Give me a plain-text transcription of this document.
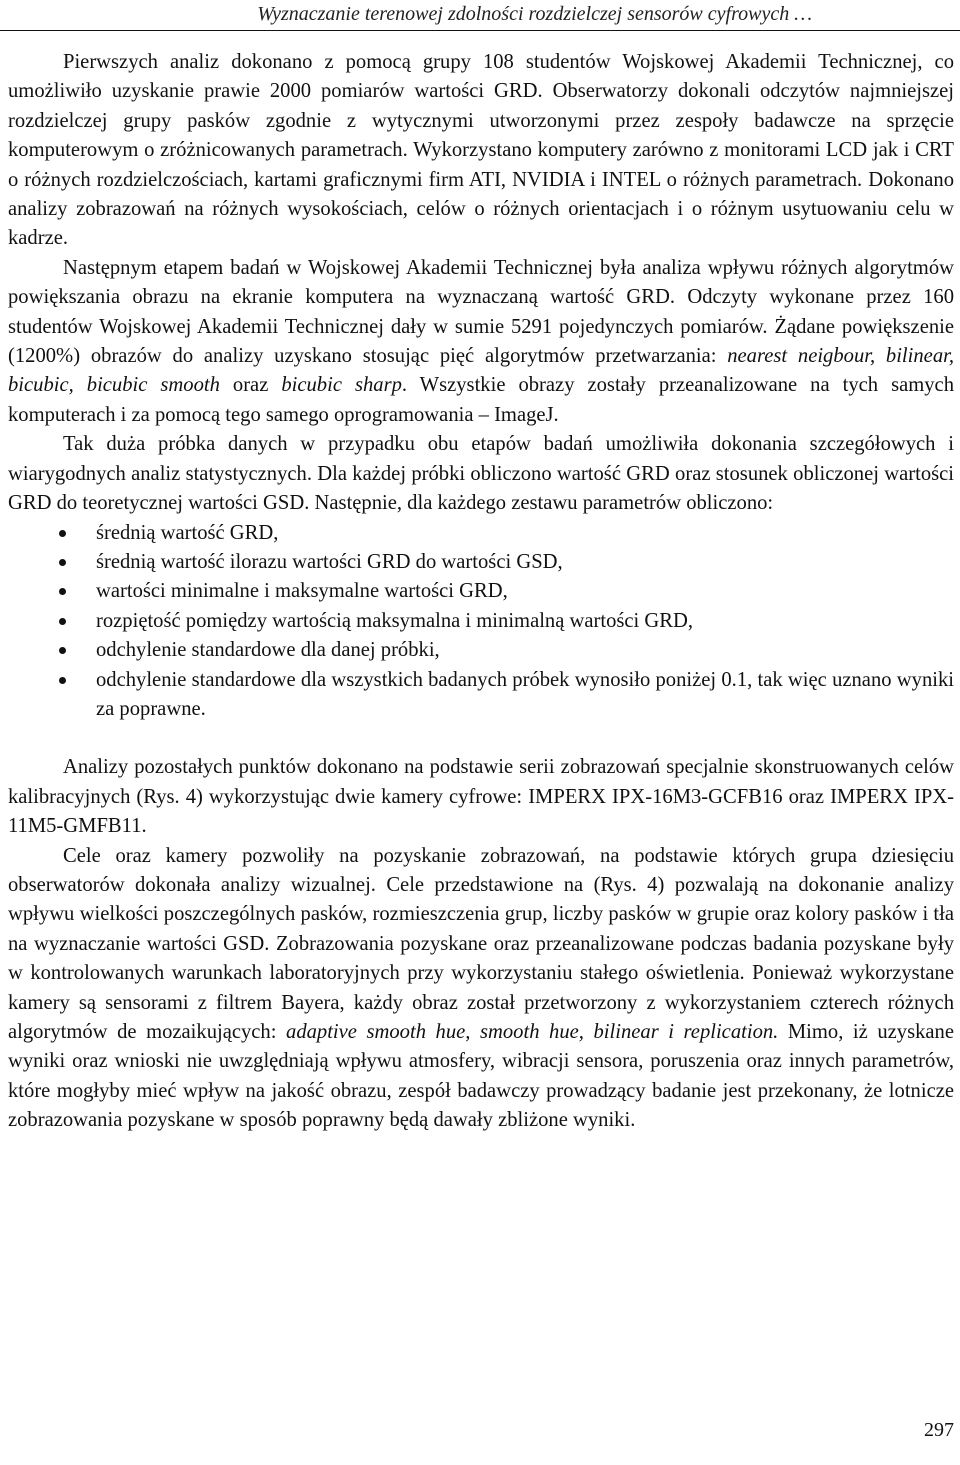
Wyznaczanie terenowej zdolności rozdzielczej sensorów cyfrowych …

Pierwszych analiz dokonano z pomocą grupy 108 studentów Wojskowej Akademii Technicznej, co umożliwiło uzyskanie prawie 2000 pomiarów wartości GRD. Obserwatorzy dokonali odczytów najmniejszej rozdzielczej grupy pasków zgodnie z wytycznymi utworzonymi przez zespoły badawcze na sprzęcie komputerowym o zróżnicowanych parametrach. Wykorzystano komputery zarówno z monitorami LCD jak i CRT o różnych rozdzielczościach, kartami graficznymi firm ATI, NVIDIA i INTEL o różnych parametrach. Dokonano analizy zobrazowań na różnych wysokościach, celów o różnych orientacjach i o różnym usytuowaniu celu w kadrze.

Następnym etapem badań w Wojskowej Akademii Technicznej była analiza wpływu różnych algorytmów powiększania obrazu na ekranie komputera na wyznaczaną wartość GRD. Odczyty wykonane przez 160 studentów Wojskowej Akademii Technicznej dały w sumie 5291 pojedynczych pomiarów. Żądane powiększenie (1200%) obrazów do analizy uzyskano stosując pięć algorytmów przetwarzania: nearest neigbour, bilinear, bicubic, bicubic smooth oraz bicubic sharp. Wszystkie obrazy zostały przeanalizowane na tych samych komputerach i za pomocą tego samego oprogramowania – ImageJ.

Tak duża próbka danych w przypadku obu etapów badań umożliwiła dokonania szczegółowych i wiarygodnych analiz statystycznych. Dla każdej próbki obliczono wartość GRD oraz stosunek obliczonej wartości GRD do teoretycznej wartości GSD. Następnie, dla każdego zestawu parametrów obliczono:

średnią wartość GRD,
średnią wartość ilorazu wartości GRD do wartości GSD,
wartości minimalne i maksymalne wartości GRD,
rozpiętość pomiędzy wartością maksymalna i minimalną wartości GRD,
odchylenie standardowe dla danej próbki,
odchylenie standardowe dla wszystkich badanych próbek wynosiło poniżej 0.1, tak więc uznano wyniki za poprawne.

Analizy pozostałych punktów dokonano na podstawie serii zobrazowań specjalnie skonstruowanych celów kalibracyjnych (Rys. 4) wykorzystując dwie kamery cyfrowe: IMPERX IPX-16M3-GCFB16 oraz IMPERX IPX-11M5-GMFB11.

Cele oraz kamery pozwoliły na pozyskanie zobrazowań, na podstawie których grupa dziesięciu obserwatorów dokonała analizy wizualnej. Cele przedstawione na (Rys. 4) pozwalają na dokonanie analizy wpływu wielkości poszczególnych pasków, rozmieszczenia grup, liczby pasków w grupie oraz kolory pasków i tła na wyznaczanie wartości GSD. Zobrazowania pozyskane oraz przeanalizowane podczas badania pozyskane były w kontrolowanych warunkach laboratoryjnych przy wykorzystaniu stałego oświetlenia. Ponieważ wykorzystane kamery są sensorami z filtrem Bayera, każdy obraz został przetworzony z wykorzystaniem czterech różnych algorytmów de mozaikujących: adaptive smooth hue, smooth hue, bilinear i replication. Mimo, iż uzyskane wyniki oraz wnioski nie uwzględniają wpływu atmosfery, wibracji sensora, poruszenia oraz innych parametrów, które mogłyby mieć wpływ na jakość obrazu, zespół badawczy prowadzący badanie jest przekonany, że lotnicze zobrazowania pozyskane w sposób poprawny będą dawały zbliżone wyniki.

297
